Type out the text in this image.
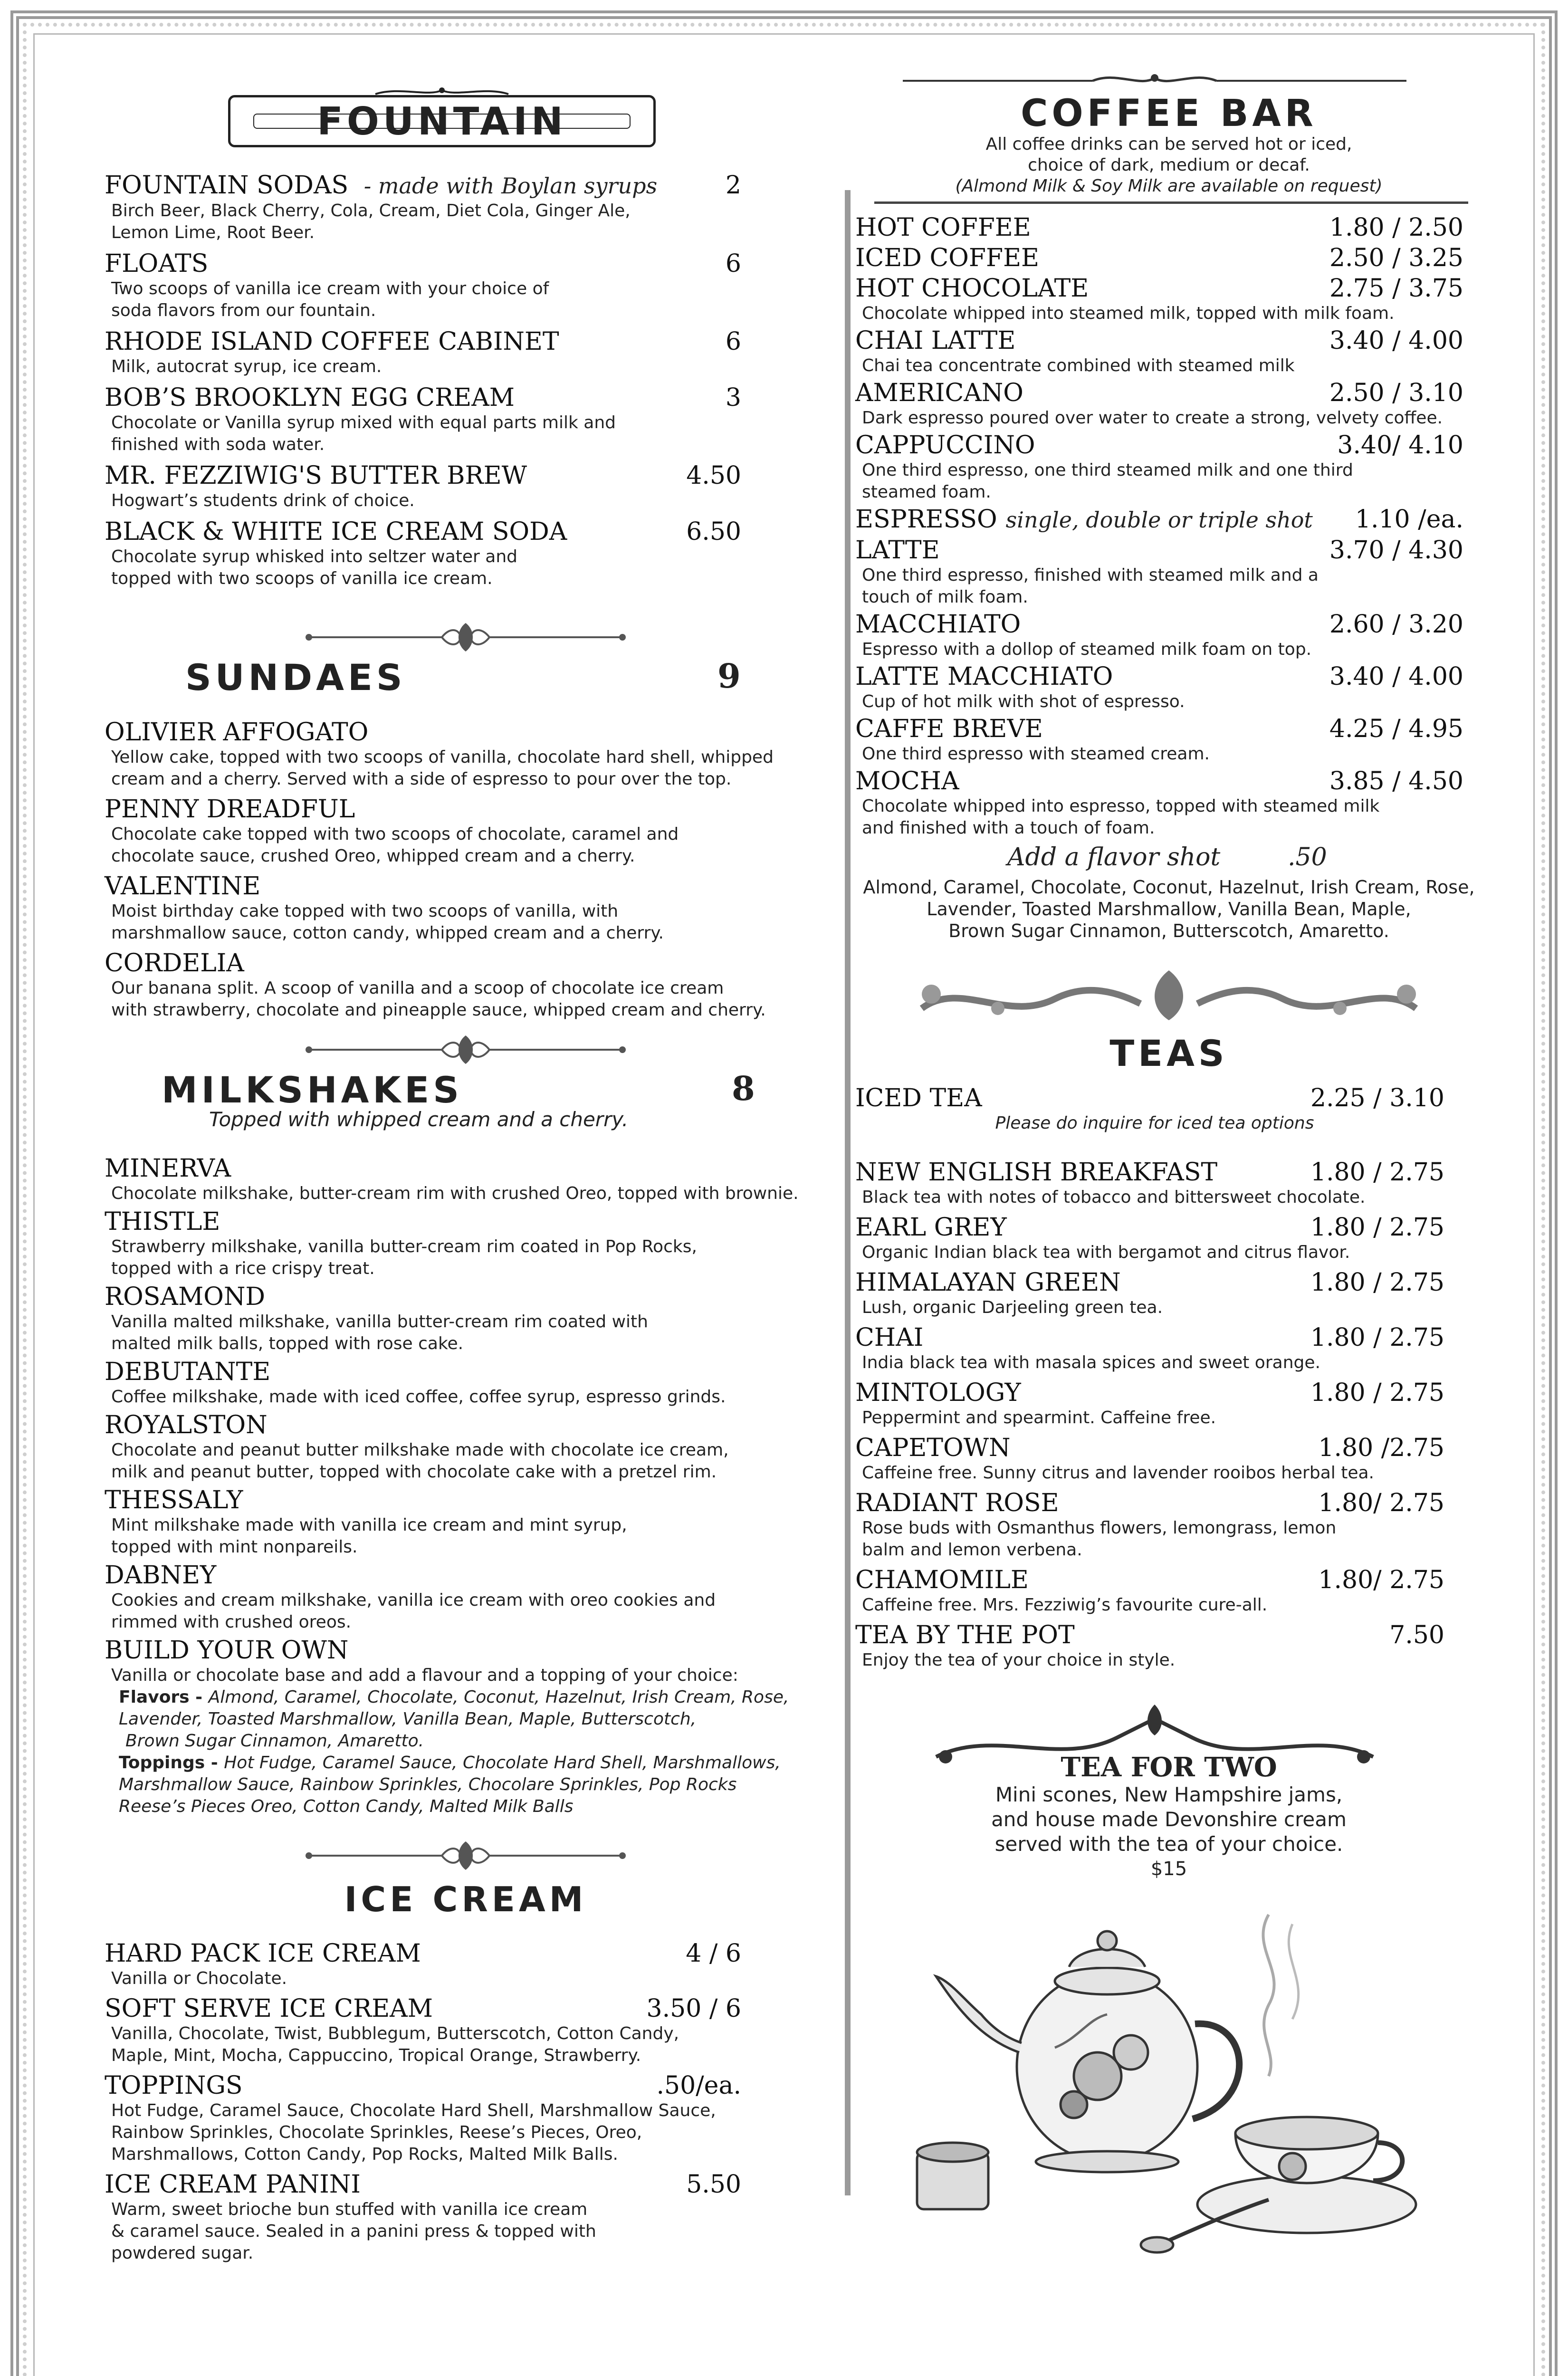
FOUNTAIN
FOUNTAIN SODAS - made with Boylan syrups	2
Birch Beer, Black Cherry, Cola, Cream, Diet Cola, Ginger Ale,
Lemon Lime, Root Beer.
FLOATS	6
Two scoops of vanilla ice cream with your choice of
soda flavors from our fountain.
RHODE ISLAND COFFEE CABINET	6
Milk, autocrat syrup, ice cream.
BOB’S BROOKLYN EGG CREAM	3
Chocolate or Vanilla syrup mixed with equal parts milk and
finished with soda water.
MR. FEZZIWIG'S BUTTER BREW	4.50
Hogwart’s students drink of choice.
BLACK & WHITE ICE CREAM SODA	6.50
Chocolate syrup whisked into seltzer water and
topped with two scoops of vanilla ice cream.
SUNDAES	9
OLIVIER AFFOGATO
Yellow cake, topped with two scoops of vanilla, chocolate hard shell, whipped
cream and a cherry. Served with a side of espresso to pour over the top.
PENNY DREADFUL
Chocolate cake topped with two scoops of chocolate, caramel and
chocolate sauce, crushed Oreo, whipped cream and a cherry.
VALENTINE
Moist birthday cake topped with two scoops of vanilla, with
marshmallow sauce, cotton candy, whipped cream and a cherry.
CORDELIA
Our banana split. A scoop of vanilla and a scoop of chocolate ice cream
with strawberry, chocolate and pineapple sauce, whipped cream and cherry.
MILKSHAKES	8
Topped with whipped cream and a cherry.
MINERVA
Chocolate milkshake, butter-cream rim with crushed Oreo, topped with brownie.
THISTLE
Strawberry milkshake, vanilla butter-cream rim coated in Pop Rocks,
topped with a rice crispy treat.
ROSAMOND
Vanilla malted milkshake, vanilla butter-cream rim coated with
malted milk balls, topped with rose cake.
DEBUTANTE
Coffee milkshake, made with iced coffee, coffee syrup, espresso grinds.
ROYALSTON
Chocolate and peanut butter milkshake made with chocolate ice cream,
milk and peanut butter, topped with chocolate cake with a pretzel rim.
THESSALY
Mint milkshake made with vanilla ice cream and mint syrup,
topped with mint nonpareils.
DABNEY
Cookies and cream milkshake, vanilla ice cream with oreo cookies and
rimmed with crushed oreos.
BUILD YOUR OWN
Vanilla or chocolate base and add a flavour and a topping of your choice:
Flavors - Almond, Caramel, Chocolate, Coconut, Hazelnut, Irish Cream, Rose,
Lavender, Toasted Marshmallow, Vanilla Bean, Maple, Butterscotch,
Brown Sugar Cinnamon, Amaretto.
Toppings - Hot Fudge, Caramel Sauce, Chocolate Hard Shell, Marshmallows,
Marshmallow Sauce, Rainbow Sprinkles, Chocolare Sprinkles, Pop Rocks
Reese’s Pieces Oreo, Cotton Candy, Malted Milk Balls
ICE CREAM
HARD PACK ICE CREAM	4 / 6
Vanilla or Chocolate.
SOFT SERVE ICE CREAM	3.50 / 6
Vanilla, Chocolate, Twist, Bubblegum, Butterscotch, Cotton Candy,
Maple, Mint, Mocha, Cappuccino, Tropical Orange, Strawberry.
TOPPINGS	.50/ea.
Hot Fudge, Caramel Sauce, Chocolate Hard Shell, Marshmallow Sauce,
Rainbow Sprinkles, Chocolate Sprinkles, Reese’s Pieces, Oreo,
Marshmallows, Cotton Candy, Pop Rocks, Malted Milk Balls.
ICE CREAM PANINI	5.50
Warm, sweet brioche bun stuffed with vanilla ice cream
& caramel sauce. Sealed in a panini press & topped with
powdered sugar.
COFFEE BAR
All coffee drinks can be served hot or iced,
choice of dark, medium or decaf.
(Almond Milk & Soy Milk are available on request)
HOT COFFEE	1.80 / 2.50
ICED COFFEE	2.50 / 3.25
HOT CHOCOLATE	2.75 / 3.75
Chocolate whipped into steamed milk, topped with milk foam.
CHAI LATTE	3.40 / 4.00
Chai tea concentrate combined with steamed milk
AMERICANO	2.50 / 3.10
Dark espresso poured over water to create a strong, velvety coffee.
CAPPUCCINO	3.40/ 4.10
One third espresso, one third steamed milk and one third
steamed foam.
ESPRESSO single, double or triple shot	1.10 /ea.
LATTE	3.70 / 4.30
One third espresso, finished with steamed milk and a
touch of milk foam.
MACCHIATO	2.60 / 3.20
Espresso with a dollop of steamed milk foam on top.
LATTE MACCHIATO	3.40 / 4.00
Cup of hot milk with shot of espresso.
CAFFE BREVE	4.25 / 4.95
One third espresso with steamed cream.
MOCHA	3.85 / 4.50
Chocolate whipped into espresso, topped with steamed milk
and finished with a touch of foam.
Add a flavor shot	.50
Almond, Caramel, Chocolate, Coconut, Hazelnut, Irish Cream, Rose,
Lavender, Toasted Marshmallow, Vanilla Bean, Maple,
Brown Sugar Cinnamon, Butterscotch, Amaretto.
TEAS
ICED TEA	2.25 / 3.10
Please do inquire for iced tea options
NEW ENGLISH BREAKFAST	1.80 / 2.75
Black tea with notes of tobacco and bittersweet chocolate.
EARL GREY	1.80 / 2.75
Organic Indian black tea with bergamot and citrus flavor.
HIMALAYAN GREEN	1.80 / 2.75
Lush, organic Darjeeling green tea.
CHAI	1.80 / 2.75
India black tea with masala spices and sweet orange.
MINTOLOGY	1.80 / 2.75
Peppermint and spearmint. Caffeine free.
CAPETOWN	1.80 /2.75
Caffeine free. Sunny citrus and lavender rooibos herbal tea.
RADIANT ROSE	1.80/ 2.75
Rose buds with Osmanthus flowers, lemongrass, lemon
balm and lemon verbena.
CHAMOMILE	1.80/ 2.75
Caffeine free. Mrs. Fezziwig’s favourite cure-all.
TEA BY THE POT	7.50
Enjoy the tea of your choice in style.
TEA FOR TWO
Mini scones, New Hampshire jams,
and house made Devonshire cream
served with the tea of your choice.
$15
